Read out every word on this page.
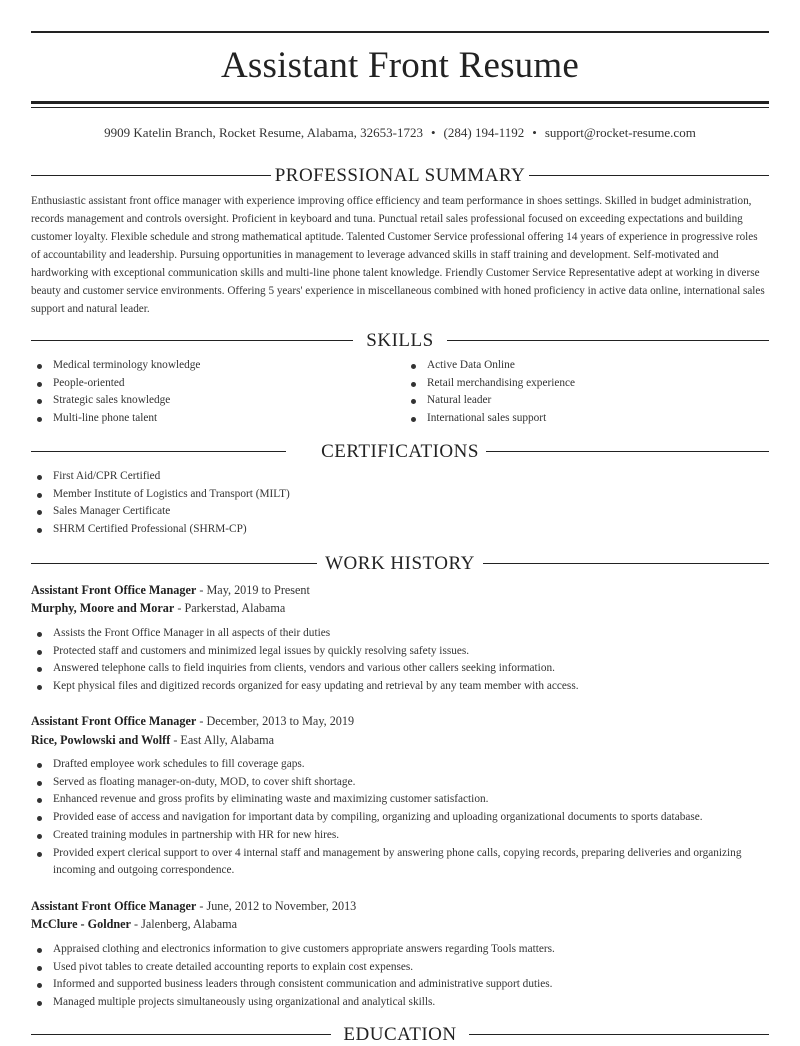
Assistant Front Resume
9909 Katelin Branch, Rocket Resume, Alabama, 32653-1723 • (284) 194-1192 • support@rocket-resume.com
PROFESSIONAL SUMMARY
Enthusiastic assistant front office manager with experience improving office efficiency and team performance in shoes settings. Skilled in budget administration, records management and controls oversight. Proficient in keyboard and tuna. Punctual retail sales professional focused on exceeding expectations and building customer loyalty. Flexible schedule and strong mathematical aptitude. Talented Customer Service professional offering 14 years of experience in progressive roles of accountability and leadership. Pursuing opportunities in management to leverage advanced skills in staff training and development. Self-motivated and hardworking with exceptional communication skills and multi-line phone talent knowledge. Friendly Customer Service Representative adept at working in diverse beauty and customer service environments. Offering 5 years' experience in miscellaneous combined with honed proficiency in active data online, international sales support and natural leader.
SKILLS
Medical terminology knowledge
People-oriented
Strategic sales knowledge
Multi-line phone talent
Active Data Online
Retail merchandising experience
Natural leader
International sales support
CERTIFICATIONS
First Aid/CPR Certified
Member Institute of Logistics and Transport (MILT)
Sales Manager Certificate
SHRM Certified Professional (SHRM-CP)
WORK HISTORY
Assistant Front Office Manager - May, 2019 to Present
Murphy, Moore and Morar - Parkerstad, Alabama
Assists the Front Office Manager in all aspects of their duties
Protected staff and customers and minimized legal issues by quickly resolving safety issues.
Answered telephone calls to field inquiries from clients, vendors and various other callers seeking information.
Kept physical files and digitized records organized for easy updating and retrieval by any team member with access.
Assistant Front Office Manager - December, 2013 to May, 2019
Rice, Powlowski and Wolff - East Ally, Alabama
Drafted employee work schedules to fill coverage gaps.
Served as floating manager-on-duty, MOD, to cover shift shortage.
Enhanced revenue and gross profits by eliminating waste and maximizing customer satisfaction.
Provided ease of access and navigation for important data by compiling, organizing and uploading organizational documents to sports database.
Created training modules in partnership with HR for new hires.
Provided expert clerical support to over 4 internal staff and management by answering phone calls, copying records, preparing deliveries and organizing incoming and outgoing correspondence.
Assistant Front Office Manager - June, 2012 to November, 2013
McClure - Goldner - Jalenberg, Alabama
Appraised clothing and electronics information to give customers appropriate answers regarding Tools matters.
Used pivot tables to create detailed accounting reports to explain cost expenses.
Informed and supported business leaders through consistent communication and administrative support duties.
Managed multiple projects simultaneously using organizational and analytical skills.
EDUCATION
